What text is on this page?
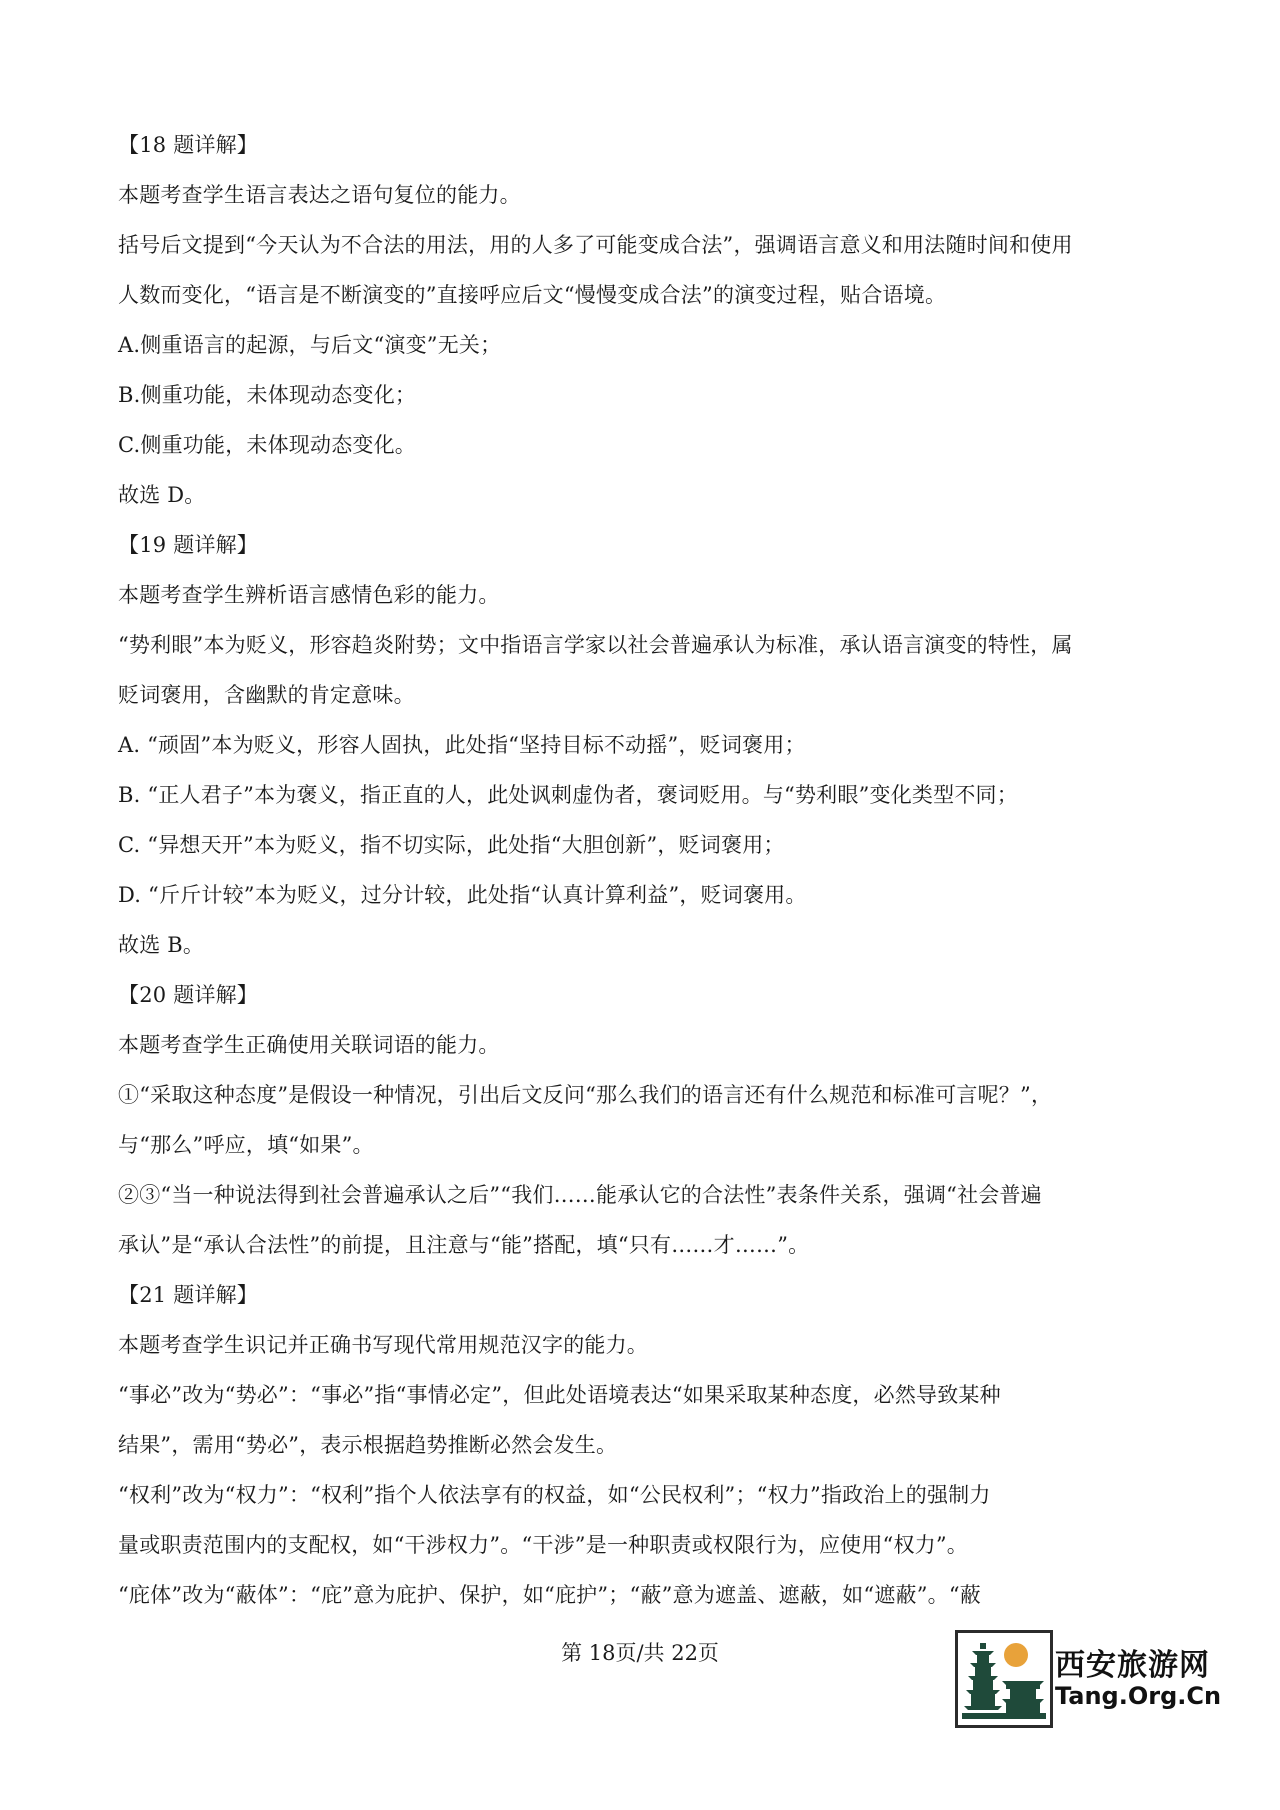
【18 题详解】
本题考查学生语言表达之语句复位的能力。
括号后文提到“今天认为不合法的用法，用的人多了可能变成合法”，强调语言意义和用法随时间和使用
人数而变化，“语言是不断演变的”直接呼应后文“慢慢变成合法”的演变过程，贴合语境。
A.侧重语言的起源，与后文“演变”无关；
B.侧重功能，未体现动态变化；
C.侧重功能，未体现动态变化。
故选 D。
【19 题详解】
本题考查学生辨析语言感情色彩的能力。
“势利眼”本为贬义，形容趋炎附势；文中指语言学家以社会普遍承认为标准，承认语言演变的特性，属
贬词褒用，含幽默的肯定意味。
A. “顽固”本为贬义，形容人固执，此处指“坚持目标不动摇”，贬词褒用；
B. “正人君子”本为褒义，指正直的人，此处讽刺虚伪者，褒词贬用。与“势利眼”变化类型不同；
C. “异想天开”本为贬义，指不切实际，此处指“大胆创新”，贬词褒用；
D. “斤斤计较”本为贬义，过分计较，此处指“认真计算利益”，贬词褒用。
故选 B。
【20 题详解】
本题考查学生正确使用关联词语的能力。
①“采取这种态度”是假设一种情况，引出后文反问“那么我们的语言还有什么规范和标准可言呢？”，
与“那么”呼应，填“如果”。
②③“当一种说法得到社会普遍承认之后”“我们……能承认它的合法性”表条件关系，强调“社会普遍
承认”是“承认合法性”的前提，且注意与“能”搭配，填“只有……才……”。
【21 题详解】
本题考查学生识记并正确书写现代常用规范汉字的能力。
“事必”改为“势必”：“事必”指“事情必定”，但此处语境表达“如果采取某种态度，必然导致某种
结果”，需用“势必”，表示根据趋势推断必然会发生。
“权利”改为“权力”：“权利”指个人依法享有的权益，如“公民权利”；“权力”指政治上的强制力
量或职责范围内的支配权，如“干涉权力”。“干涉”是一种职责或权限行为，应使用“权力”。
“庇体”改为“蔽体”：“庇”意为庇护、保护，如“庇护”；“蔽”意为遮盖、遮蔽，如“遮蔽”。“蔽
第 18页/共 22页	西安旅游网
Tang.Org.Cn
